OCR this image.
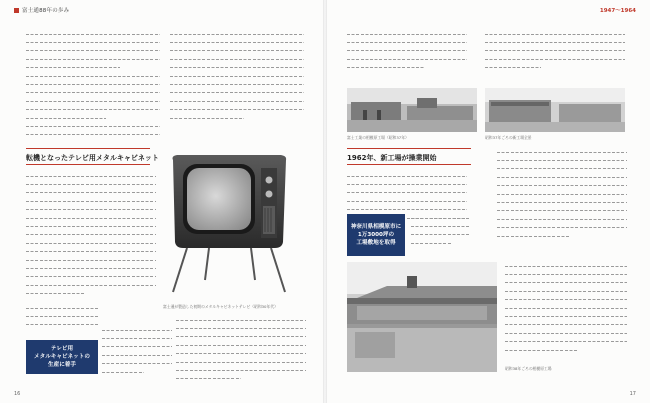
富士通88年の歩み
転機となったテレビ用メタルキャビネット
富士通が製造した初期のメタルキャビネットテレビ（昭和30年代）
テレビ用
メタルキャビネットの
生産に着手
16
1947～1964
富士工業の相模原工場（昭和37年）	昭和37年ごろの新工場全景
1962年、新工場が操業開始
神奈川県相模原市に
1万3000坪の
工場敷地を取得
昭和38年ごろの相模原工場
17
